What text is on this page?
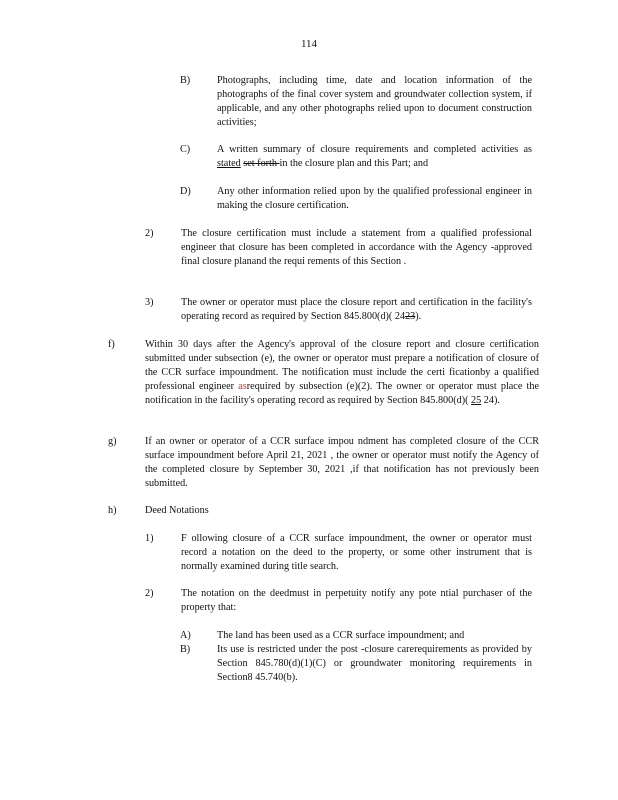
114
B)	Photographs, including time, date and location information of the photographs of the final cover system and groundwater collection system, if applicable, and any other photographs relied upon to document construction activities;
C)	A written summary of closure requirements and completed activities as stated set forth in the closure plan and this Part; and
D)	Any other information relied upon by the qualified professional engineer in making the closure certification.
2)	The closure certification must include a statement from a qualified professional engineer that closure has been completed in accordance with the Agency -approved final closure planand the requi rements of this Section .
3)	The owner or operator must place the closure report and certification in the facility's operating record as required by Section 845.800(d)( 2423).
f)	Within 30 days after the Agency's approval of the closure report and closure certification submitted under subsection (e), the owner or operator must prepare a notification of closure of the CCR surface impoundment. The notification must include the certi ficationby a qualified professional engineer asrequired by subsection (e)(2). The owner or operator must place the notification in the facility's operating record as required by Section 845.800(d)( 25 24).
g)	If an owner or operator of a CCR surface impou ndment has completed closure of the CCR surface impoundment before April 21, 2021 , the owner or operator must notify the Agency of the completed closure by September 30, 2021 ,if that notification has not previously been submitted.
h)	Deed Notations
1)	F ollowing closure of a CCR surface impoundment, the owner or operator must record a notation on the deed to the property, or some other instrument that is normally examined during title search.
2)	The notation on the deedmust in perpetuity notify any pote ntial purchaser of the property that:
A)	The land has been used as a CCR surface impoundment; and
B)	Its use is restricted under the post -closure carerequirements as provided by Section 845.780(d)(1)(C) or groundwater monitoring requirements in Section8 45.740(b).
